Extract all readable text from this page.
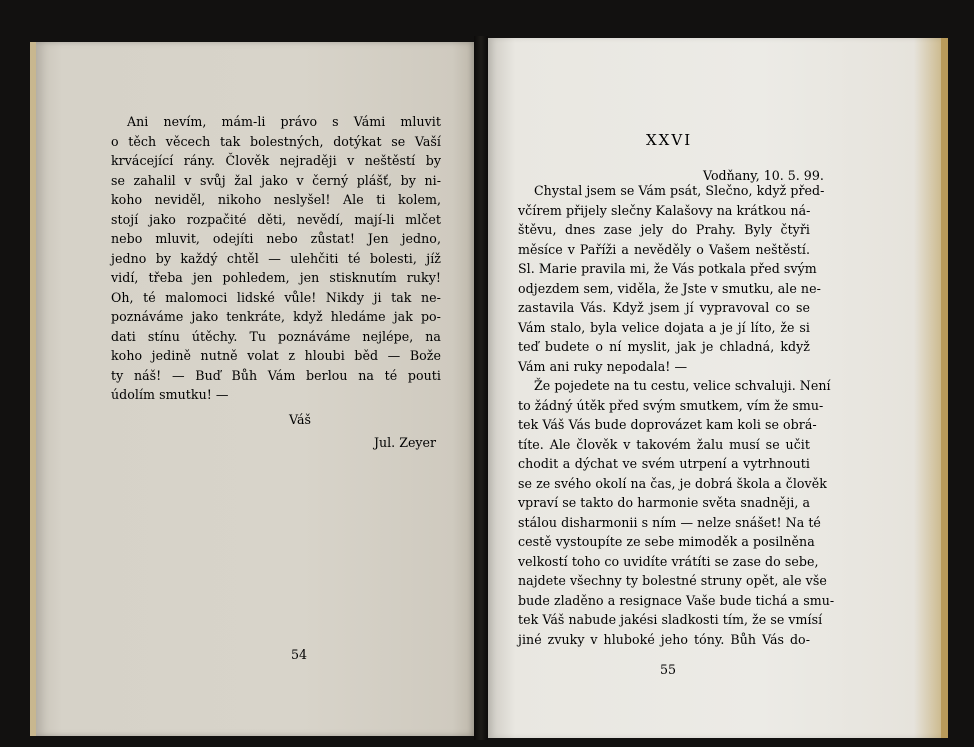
Ani nevím, mám-li právo s Vámi mluvit
o těch věcech tak bolestných, dotýkat se Vaší
krvácející rány. Člověk nejraději v neštěstí by
se zahalil v svůj žal jako v černý plášť, by ni-
koho neviděl, nikoho neslyšel! Ale ti kolem,
stojí jako rozpačité děti, nevědí, mají-li mlčet
nebo mluvit, odejíti nebo zůstat! Jen jedno,
jedno by každý chtěl — ulehčiti té bolesti, jíž
vidí, třeba jen pohledem, jen stisknutím ruky!
Oh, té malomoci lidské vůle! Nikdy ji tak ne-
poznáváme jako tenkráte, když hledáme jak po-
dati stínu útěchy. Tu poznáváme nejlépe, na
koho jedině nutně volat z hloubi běd — Bože
ty náš! — Buď Bůh Vám berlou na té pouti
údolím smutku! —
Váš
Jul. Zeyer
54
XXVI
Vodňany, 10. 5. 99.
Chystal jsem se Vám psát, Slečno, když před-
včírem přijely slečny Kalašovy na krátkou ná-
štěvu, dnes zase jely do Prahy. Byly čtyři
měsíce v Paříži a nevěděly o Vašem neštěstí.
Sl. Marie pravila mi, že Vás potkala před svým
odjezdem sem, viděla, že Jste v smutku, ale ne-
zastavila Vás. Když jsem jí vypravoval co se
Vám stalo, byla velice dojata a je jí líto, že si
teď budete o ní myslit, jak je chladná, když
Vám ani ruky nepodala! —
Že pojedete na tu cestu, velice schvaluji. Není
to žádný útěk před svým smutkem, vím že smu-
tek Váš Vás bude doprovázet kam koli se obrá-
títe. Ale člověk v takovém žalu musí se učit
chodit a dýchat ve svém utrpení a vytrhnouti
se ze svého okolí na čas, je dobrá škola a člověk
vpraví se takto do harmonie světa snadněji, a
stálou disharmonii s ním — nelze snášet! Na té
cestě vystoupíte ze sebe mimoděk a posilněna
velkostí toho co uvidíte vrátíti se zase do sebe,
najdete všechny ty bolestné struny opět, ale vše
bude zladěno a resignace Vaše bude tichá a smu-
tek Váš nabude jakési sladkosti tím, že se vmísí
jiné zvuky v hluboké jeho tóny. Bůh Vás do-
55
